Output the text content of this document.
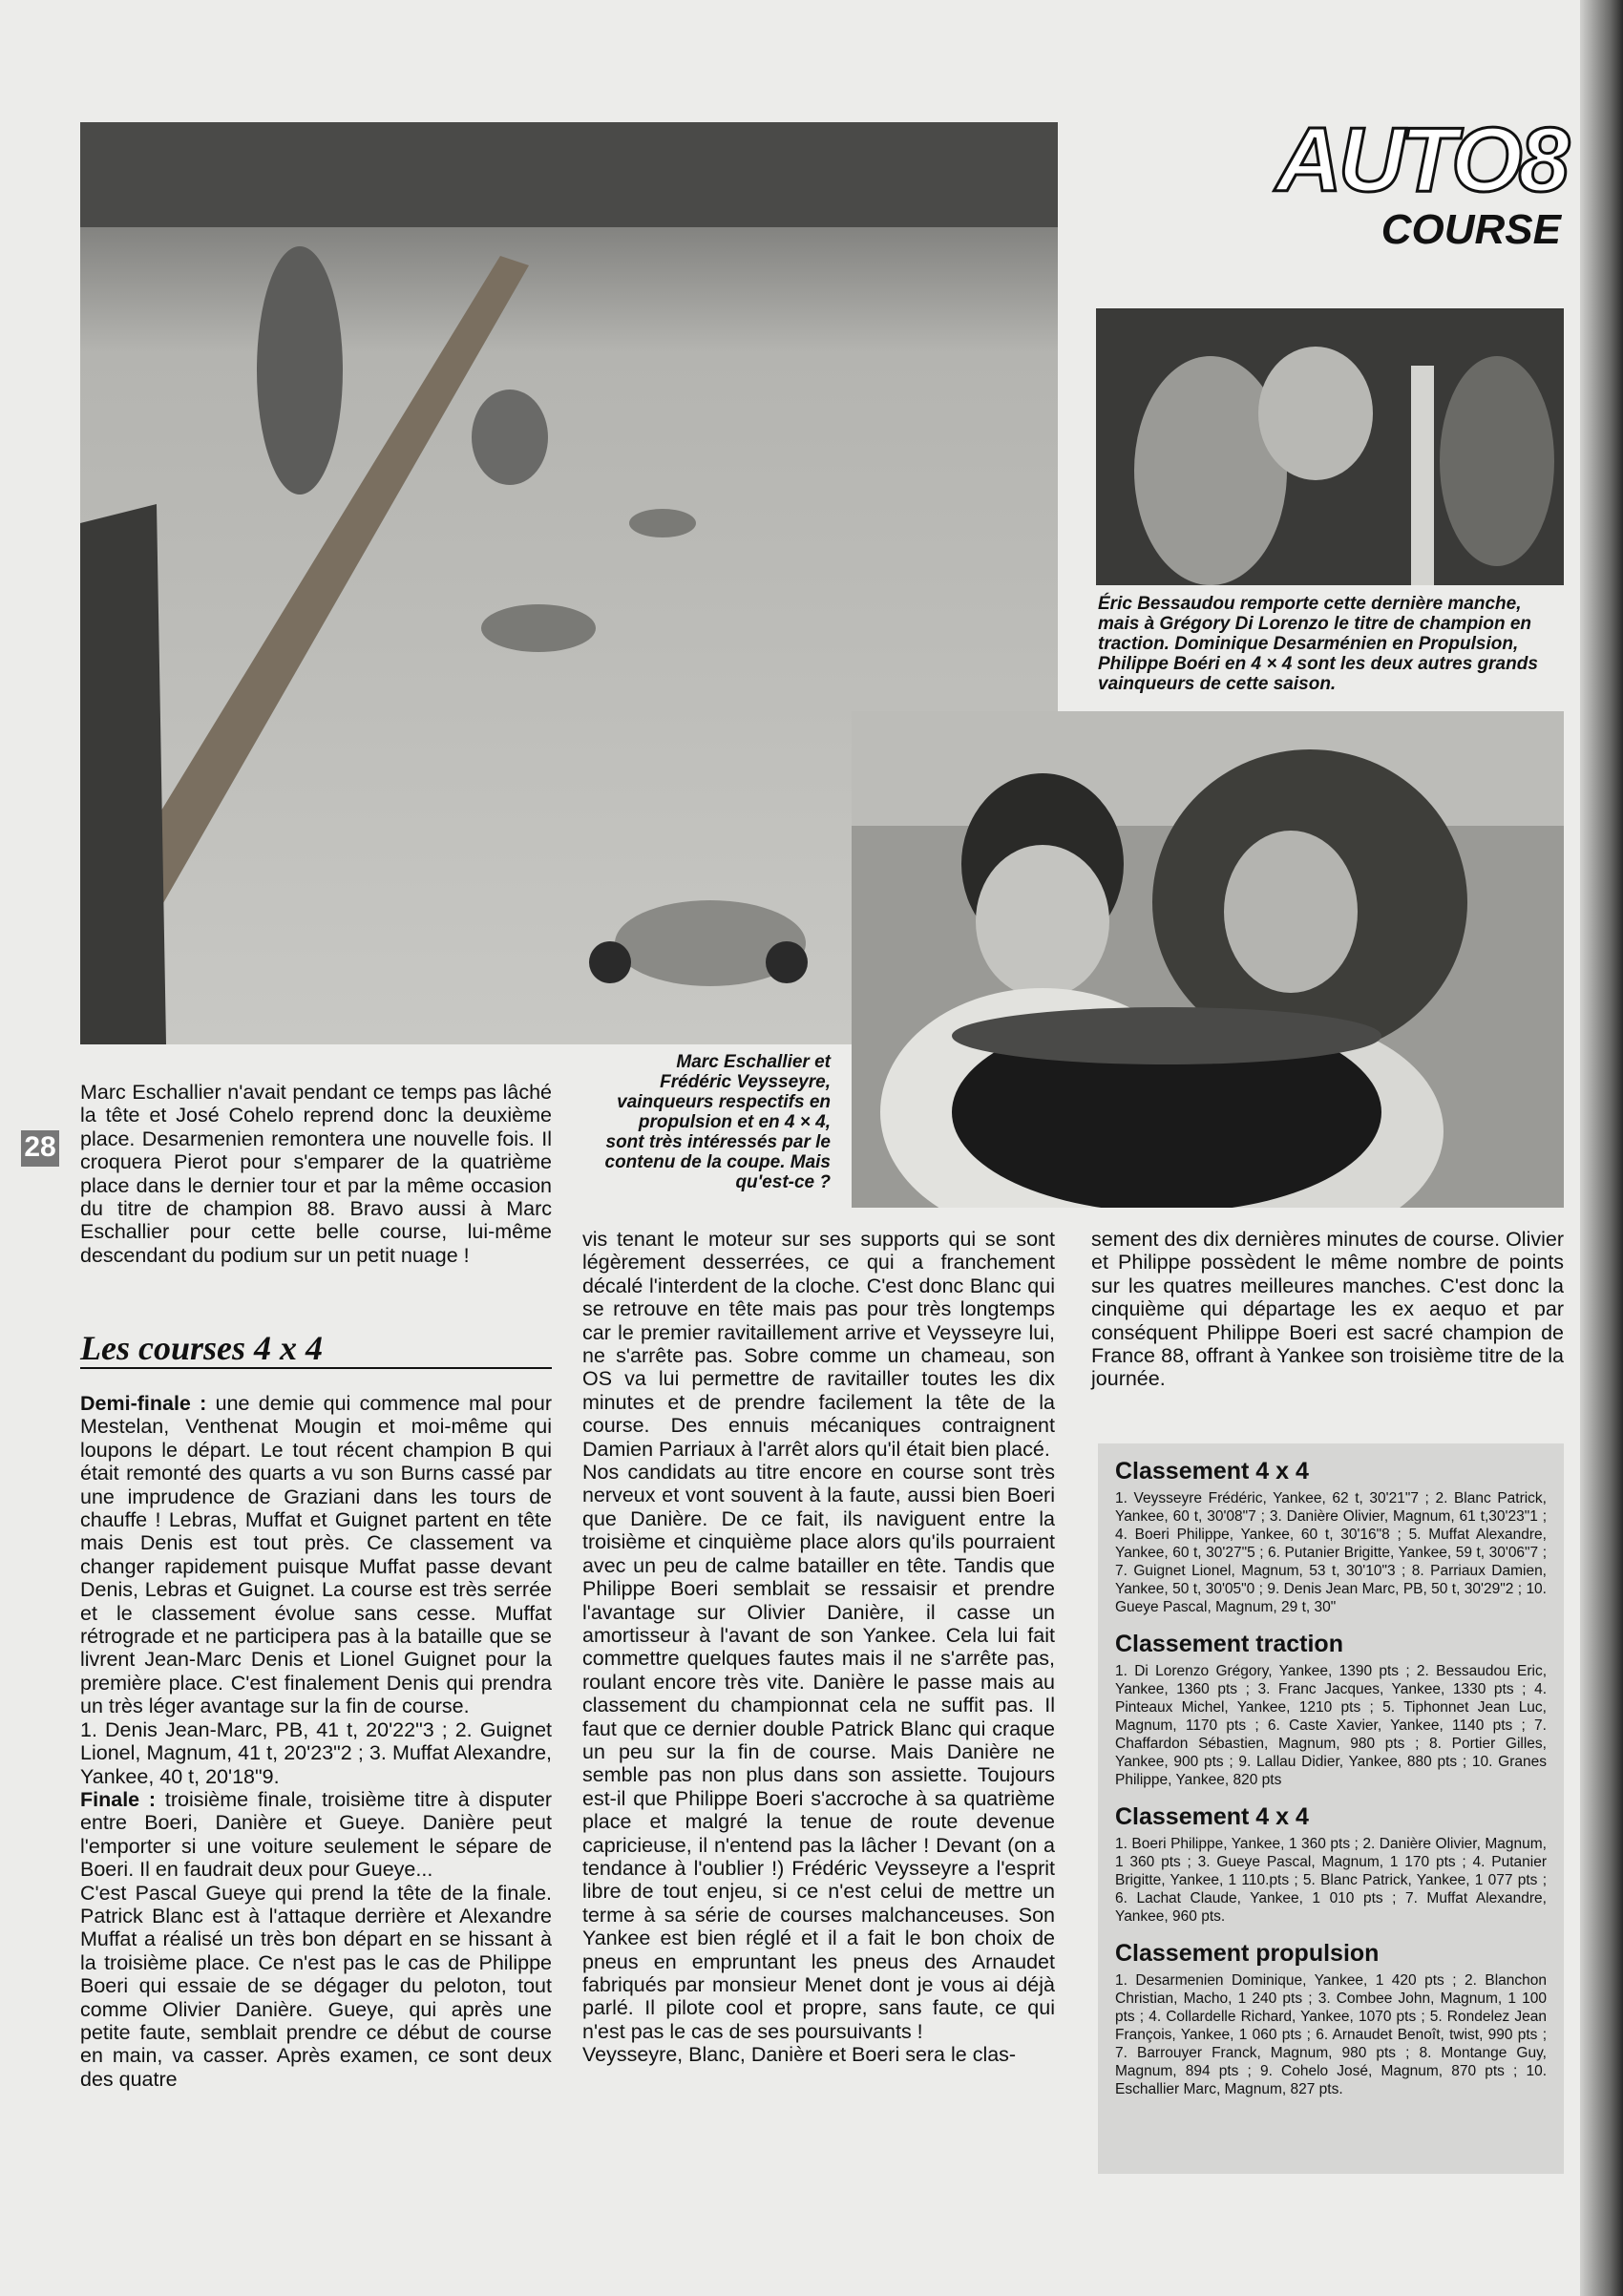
AUTO8
COURSE
Éric Bessaudou remporte cette dernière manche, mais à Grégory Di Lorenzo le titre de champion en traction. Dominique Desarménien en Propulsion, Philippe Boéri en 4 × 4 sont les deux autres grands vainqueurs de cette saison.
Marc Eschallier et Frédéric Veysseyre, vainqueurs respectifs en propulsion et en 4 × 4, sont très intéressés par le contenu de la coupe. Mais qu'est-ce ?
28
Marc Eschallier n'avait pendant ce temps pas lâché la tête et José Cohelo reprend donc la deuxième place. Desarmenien remontera une nouvelle fois. Il croquera Pierot pour s'emparer de la quatrième place dans le dernier tour et par la même occasion du titre de champion 88. Bravo aussi à Marc Eschallier pour cette belle course, lui-même descendant du podium sur un petit nuage !
Les courses 4 x 4

Demi-finale : une demie qui commence mal pour Mestelan, Venthenat Mougin et moi-même qui loupons le départ. Le tout récent champion B qui était remonté des quarts a vu son Burns cassé par une imprudence de Graziani dans les tours de chauffe ! Lebras, Muffat et Guignet partent en tête mais Denis est tout près. Ce classement va changer rapidement puisque Muffat passe devant Denis, Lebras et Guignet. La course est très serrée et le classement évolue sans cesse. Muffat rétrograde et ne participera pas à la bataille que se livrent Jean-Marc Denis et Lionel Guignet pour la première place. C'est finalement Denis qui prendra un très léger avantage sur la fin de course.

1. Denis Jean-Marc, PB, 41 t, 20'22"3 ; 2. Guignet Lionel, Magnum, 41 t, 20'23"2 ; 3. Muffat Alexandre, Yankee, 40 t, 20'18"9.

Finale : troisième finale, troisième titre à disputer entre Boeri, Danière et Gueye. Danière peut l'emporter si une voiture seulement le sépare de Boeri. Il en faudrait deux pour Gueye...

C'est Pascal Gueye qui prend la tête de la finale. Patrick Blanc est à l'attaque derrière et Alexandre Muffat a réalisé un très bon départ en se hissant à la troisième place. Ce n'est pas le cas de Philippe Boeri qui essaie de se dégager du peloton, tout comme Olivier Danière. Gueye, qui après une petite faute, semblait prendre ce début de course en main, va casser. Après examen, ce sont deux des quatre

vis tenant le moteur sur ses supports qui se sont légèrement desserrées, ce qui a franchement décalé l'interdent de la cloche. C'est donc Blanc qui se retrouve en tête mais pas pour très longtemps car le premier ravitaillement arrive et Veysseyre lui, ne s'arrête pas. Sobre comme un chameau, son OS va lui permettre de ravitailler toutes les dix minutes et de prendre facilement la tête de la course. Des ennuis mécaniques contraignent Damien Parriaux à l'arrêt alors qu'il était bien placé.

Nos candidats au titre encore en course sont très nerveux et vont souvent à la faute, aussi bien Boeri que Danière. De ce fait, ils naviguent entre la troisième et cinquième place alors qu'ils pourraient avec un peu de calme batailler en tête. Tandis que Philippe Boeri semblait se ressaisir et prendre l'avantage sur Olivier Danière, il casse un amortisseur à l'avant de son Yankee. Cela lui fait commettre quelques fautes mais il ne s'arrête pas, roulant encore très vite. Danière le passe mais au classement du championnat cela ne suffit pas. Il faut que ce dernier double Patrick Blanc qui craque un peu sur la fin de course. Mais Danière ne semble pas non plus dans son assiette. Toujours est-il que Philippe Boeri s'accroche à sa quatrième place et malgré la tenue de route devenue capricieuse, il n'entend pas la lâcher ! Devant (on a tendance à l'oublier !) Frédéric Veysseyre a l'esprit libre de tout enjeu, si ce n'est celui de mettre un terme à sa série de courses malchanceuses. Son Yankee est bien réglé et il a fait le bon choix de pneus en empruntant les pneus des Arnaudet fabriqués par monsieur Menet dont je vous ai déjà parlé. Il pilote cool et propre, sans faute, ce qui n'est pas le cas de ses poursuivants !

Veysseyre, Blanc, Danière et Boeri sera le clas-

sement des dix dernières minutes de course. Olivier et Philippe possèdent le même nombre de points sur les quatres meilleures manches. C'est donc la cinquième qui départage les ex aequo et par conséquent Philippe Boeri est sacré champion de France 88, offrant à Yankee son troisième titre de la journée.
Classement 4 x 4
1. Veysseyre Frédéric, Yankee, 62 t, 30'21"7 ; 2. Blanc Patrick, Yankee, 60 t, 30'08"7 ; 3. Danière Olivier, Magnum, 61 t,30'23"1 ; 4. Boeri Philippe, Yankee, 60 t, 30'16"8 ; 5. Muffat Alexandre, Yankee, 60 t, 30'27"5 ; 6. Putanier Brigitte, Yankee, 59 t, 30'06"7 ; 7. Guignet Lionel, Magnum, 53 t, 30'10"3 ; 8. Parriaux Damien, Yankee, 50 t, 30'05"0 ; 9. Denis Jean Marc, PB, 50 t, 30'29"2 ; 10. Gueye Pascal, Magnum, 29 t, 30"
Classement traction
1. Di Lorenzo Grégory, Yankee, 1390 pts ; 2. Bessaudou Eric, Yankee, 1360 pts ; 3. Franc Jacques, Yankee, 1330 pts ; 4. Pinteaux Michel, Yankee, 1210 pts ; 5. Tiphonnet Jean Luc, Magnum, 1170 pts ; 6. Caste Xavier, Yankee, 1140 pts ; 7. Chaffardon Sébastien, Magnum, 980 pts ; 8. Portier Gilles, Yankee, 900 pts ; 9. Lallau Didier, Yankee, 880 pts ; 10. Granes Philippe, Yankee, 820 pts
Classement 4 x 4
1. Boeri Philippe, Yankee, 1 360 pts ; 2. Danière Olivier, Magnum, 1 360 pts ; 3. Gueye Pascal, Magnum, 1 170 pts ; 4. Putanier Brigitte, Yankee, 1 110.pts ; 5. Blanc Patrick, Yankee, 1 077 pts ; 6. Lachat Claude, Yankee, 1 010 pts ; 7. Muffat Alexandre, Yankee, 960 pts.
Classement propulsion
1. Desarmenien Dominique, Yankee, 1 420 pts ; 2. Blanchon Christian, Macho, 1 240 pts ; 3. Combee John, Magnum, 1 100 pts ; 4. Collardelle Richard, Yankee, 1070 pts ; 5. Rondelez Jean François, Yankee, 1 060 pts ; 6. Arnaudet Benoît, twist, 990 pts ; 7. Barrouyer Franck, Magnum, 980 pts ; 8. Montange Guy, Magnum, 894 pts ; 9. Cohelo José, Magnum, 870 pts ; 10. Eschallier Marc, Magnum, 827 pts.
